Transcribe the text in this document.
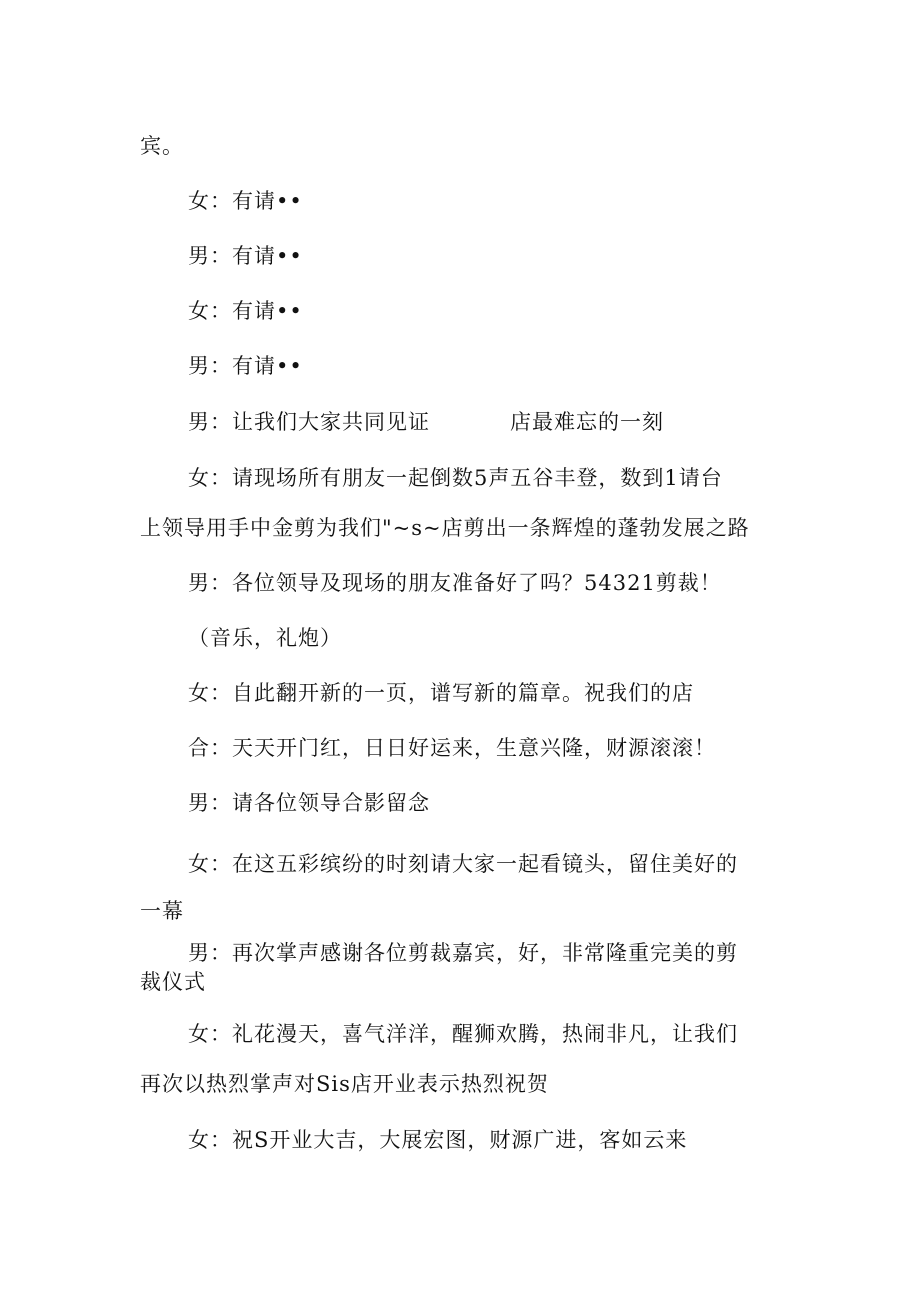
宾。
女：有请••
男：有请••
女：有请••
男：有请••
男：让我们大家共同见证	店最难忘的一刻
女：请现场所有朋友一起倒数5声五谷丰登，数到1请台
上领导用手中金剪为我们"~s~店剪出一条辉煌的蓬勃发展之路
男：各位领导及现场的朋友准备好了吗？54321剪裁！
（音乐，礼炮）
女：自此翻开新的一页，谱写新的篇章。祝我们的店
合：天天开门红，日日好运来，生意兴隆，财源滚滚！
男：请各位领导合影留念
女：在这五彩缤纷的时刻请大家一起看镜头，留住美好的
一幕
男：再次掌声感谢各位剪裁嘉宾，好，非常隆重完美的剪
裁仪式
女：礼花漫天，喜气洋洋，醒狮欢腾，热闹非凡，让我们
再次以热烈掌声对Sis店开业表示热烈祝贺
女：祝S开业大吉，大展宏图，财源广进，客如云来
